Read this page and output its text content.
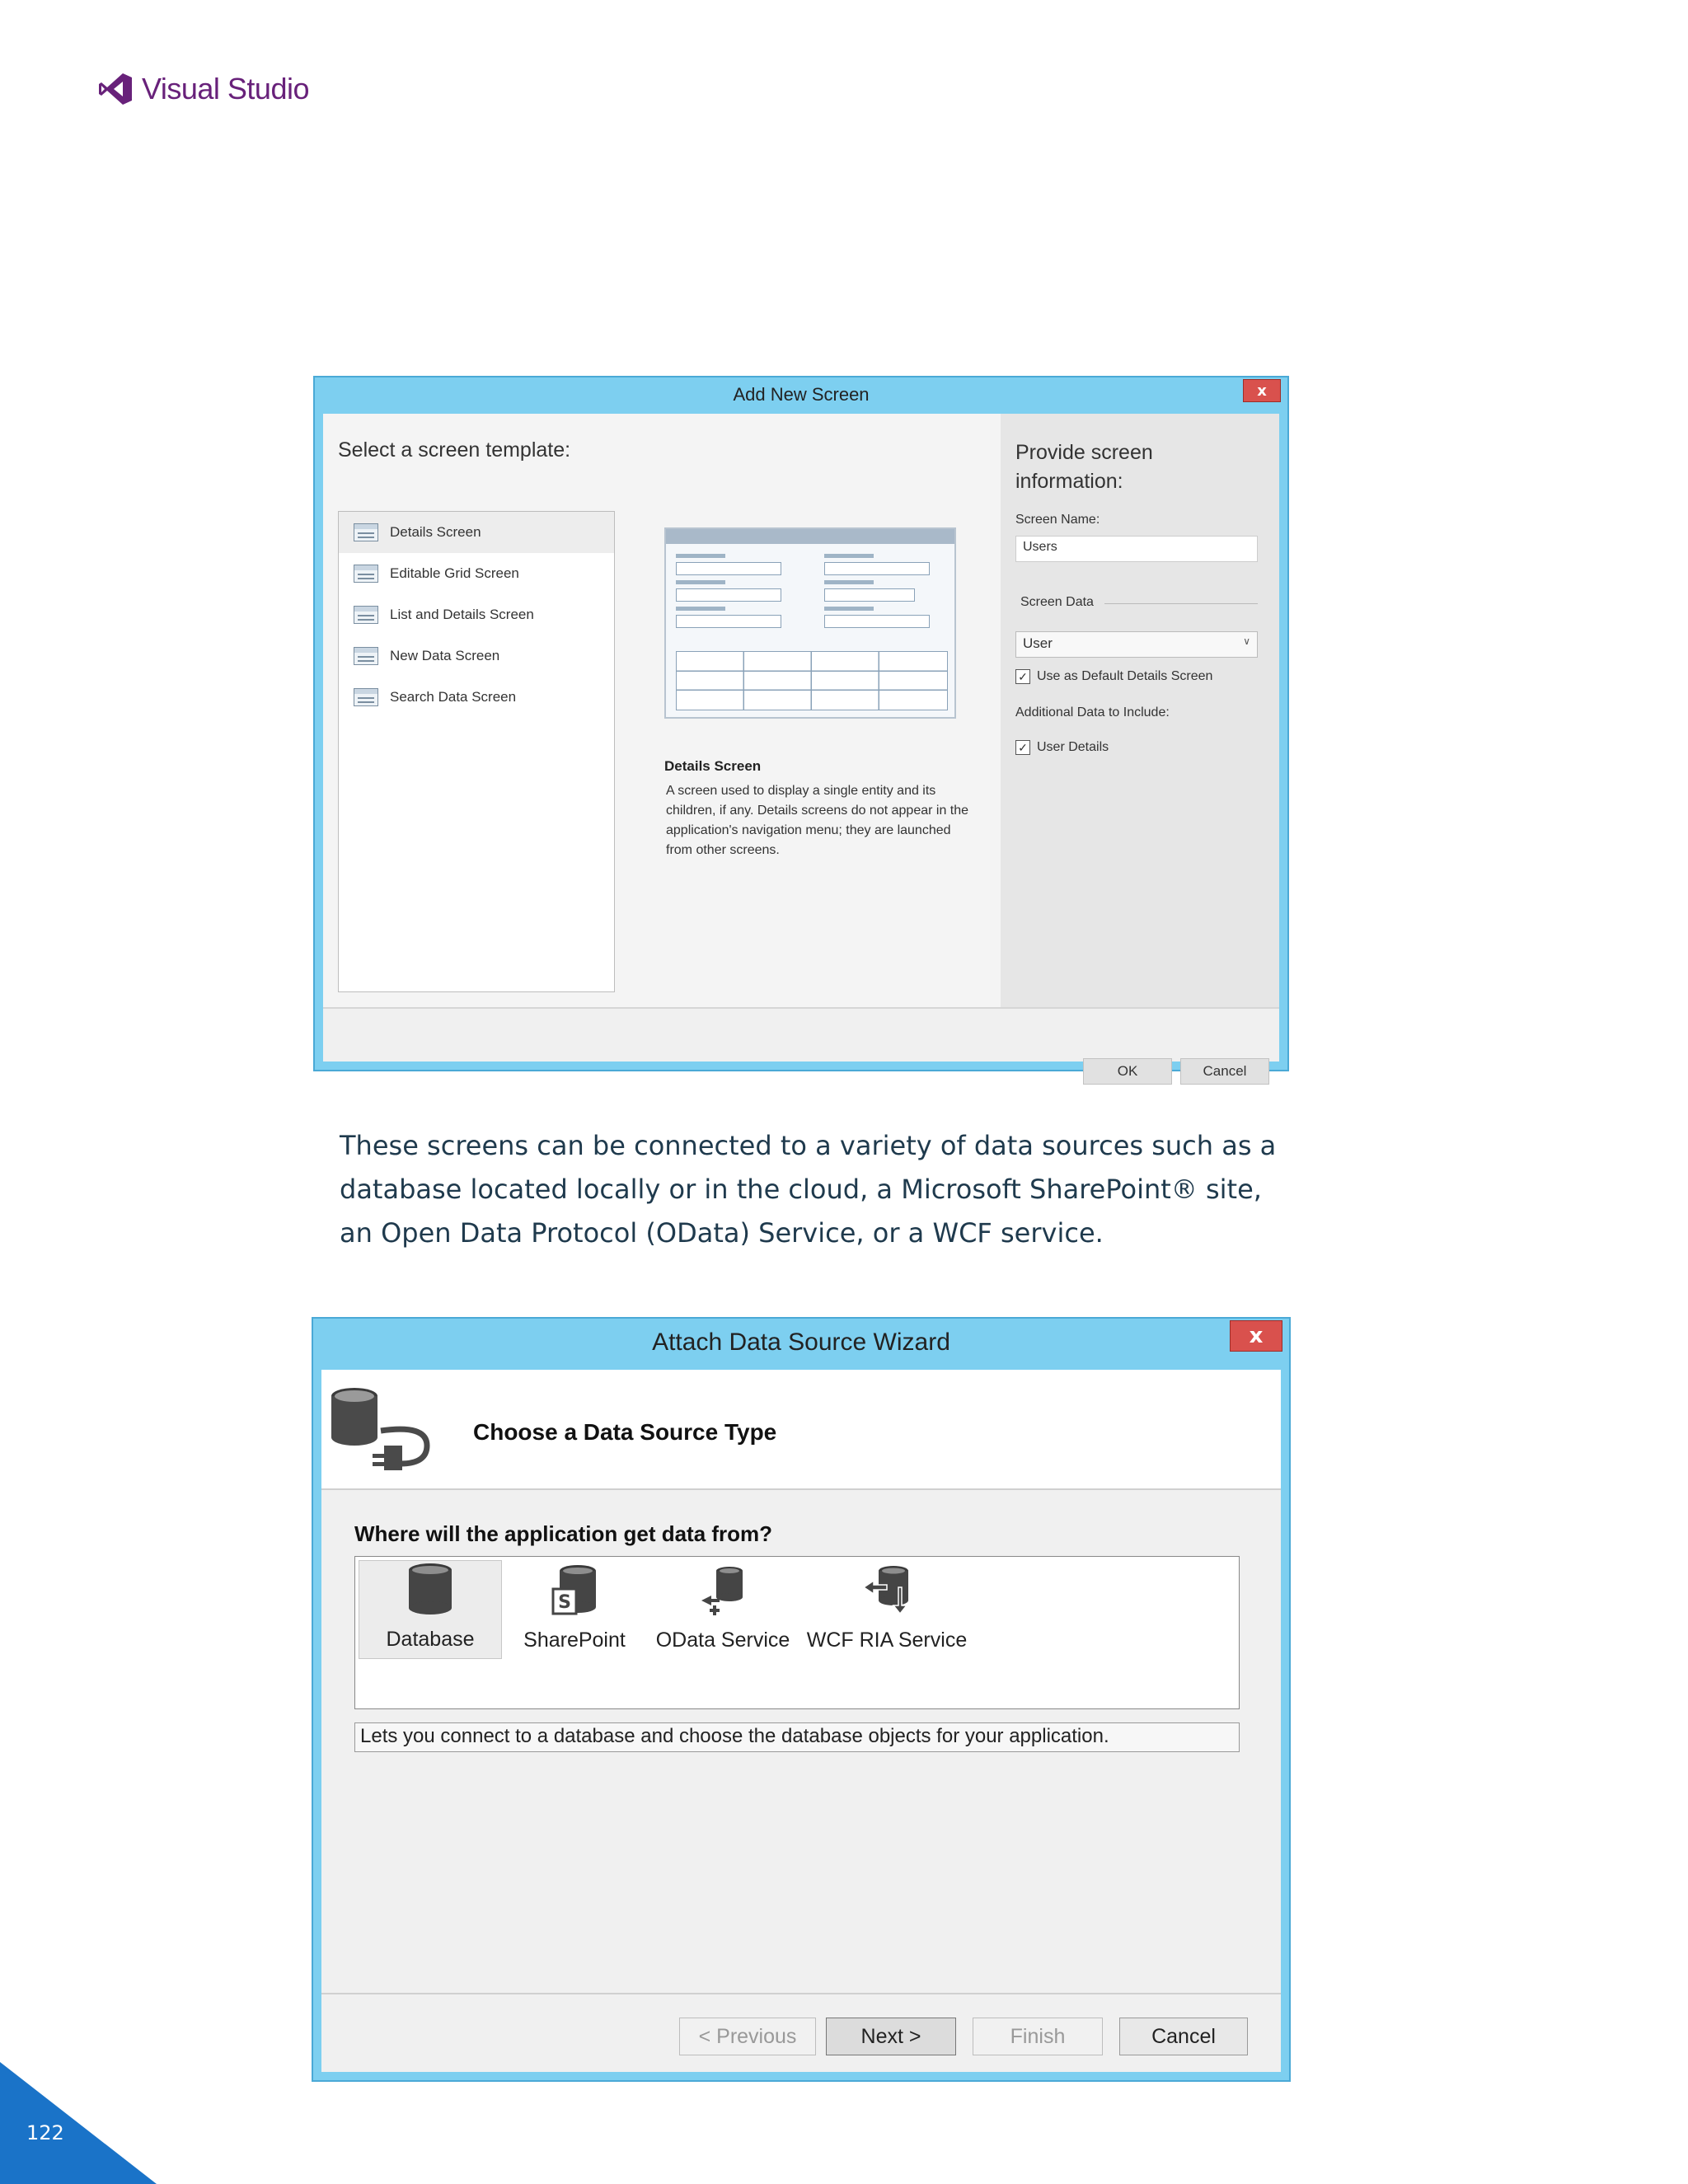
Visual Studio
Add New Screen	x
Select a screen template:
Details Screen
Editable Grid Screen
List and Details Screen
New Data Screen
Search Data Screen
Details Screen
A screen used to display a single entity and its children, if any. Details screens do not appear in the application's navigation menu; they are launched from other screens.
Provide screen information:
Screen Name:
Users
Screen Data
User	∨
✓ Use as Default Details Screen
Additional Data to Include:
✓ User Details
OK	Cancel

These screens can be connected to a variety of data sources such as a database located locally or in the cloud, a Microsoft SharePoint® site, an Open Data Protocol (OData) Service, or a WCF service.

Attach Data Source Wizard	x
Choose a Data Source Type
Where will the application get data from?
Database
S
SharePoint OData Service WCF RIA Service
Lets you connect to a database and choose the database objects for your application.
< Previous	Next >	Finish	Cancel
122
